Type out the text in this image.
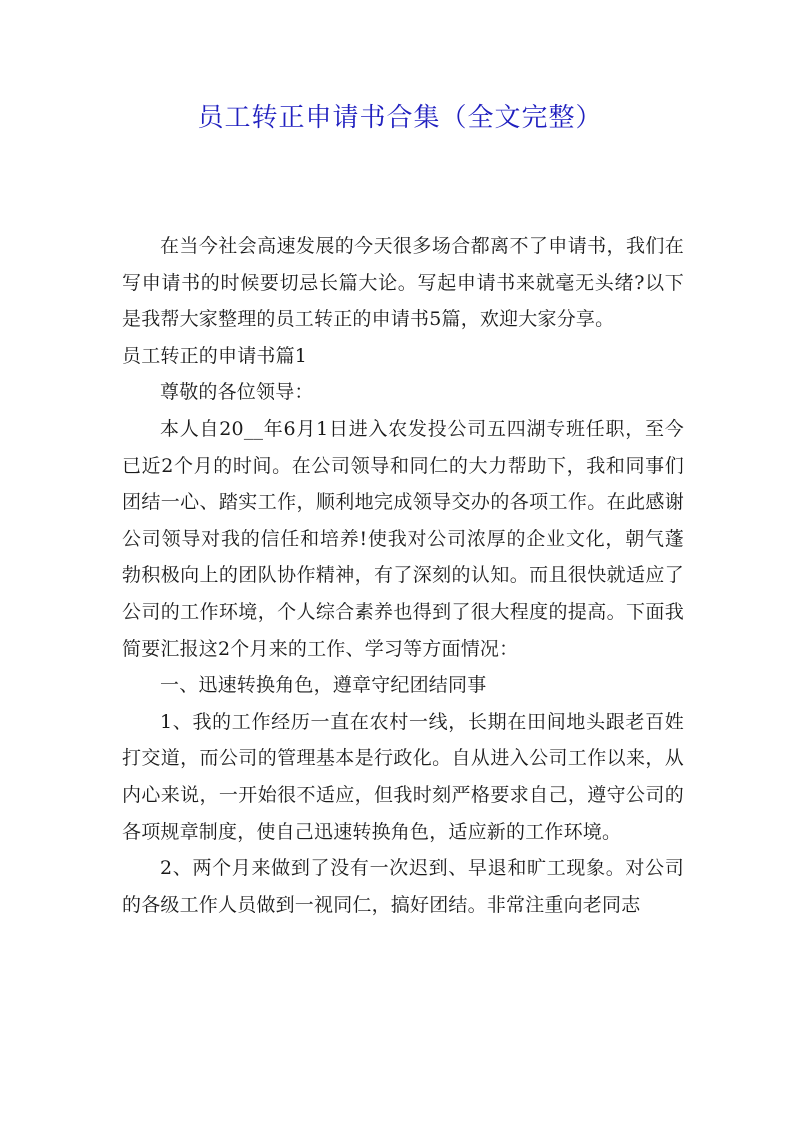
员工转正申请书合集（全文完整）

在当今社会高速发展的今天很多场合都离不了申请书，我们在写申请书的时候要切忌长篇大论。写起申请书来就毫无头绪?以下是我帮大家整理的员工转正的申请书5篇，欢迎大家分享。

员工转正的申请书篇1

尊敬的各位领导：

本人自20__年6月1日进入农发投公司五四湖专班任职，至今已近2个月的时间。在公司领导和同仁的大力帮助下，我和同事们团结一心、踏实工作，顺利地完成领导交办的各项工作。在此感谢公司领导对我的信任和培养!使我对公司浓厚的企业文化，朝气蓬勃积极向上的团队协作精神，有了深刻的认知。而且很快就适应了公司的工作环境，个人综合素养也得到了很大程度的提高。下面我简要汇报这2个月来的工作、学习等方面情况：

一、迅速转换角色，遵章守纪团结同事

1、我的工作经历一直在农村一线，长期在田间地头跟老百姓打交道，而公司的管理基本是行政化。自从进入公司工作以来，从内心来说，一开始很不适应，但我时刻严格要求自己，遵守公司的各项规章制度，使自己迅速转换角色，适应新的工作环境。

2、两个月来做到了没有一次迟到、早退和旷工现象。对公司的各级工作人员做到一视同仁，搞好团结。非常注重向老同志
